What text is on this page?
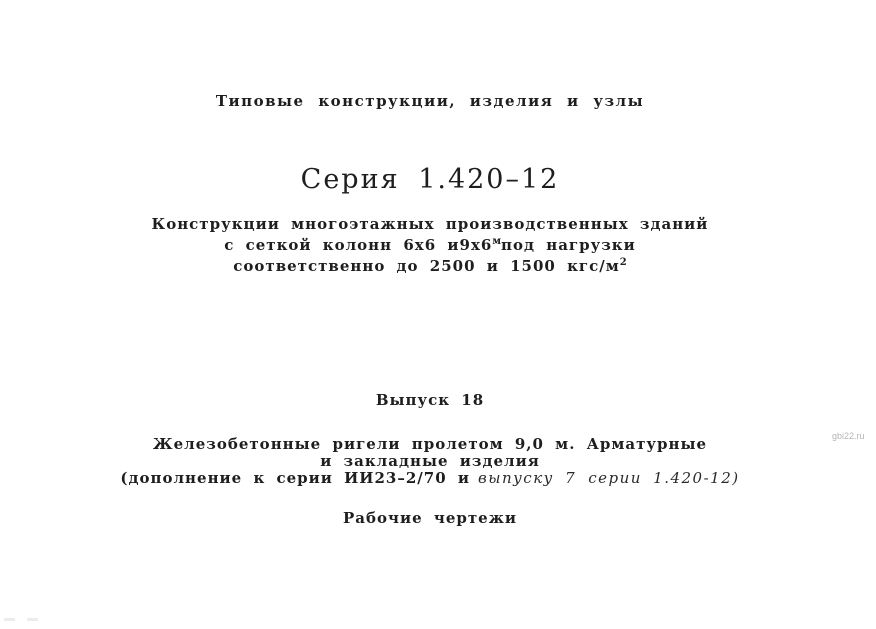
Типовые конструкции, изделия и узлы
Серия 1.420–12
Конструкции многоэтажных производственных зданий
с сеткой колонн 6х6 $и9х6^мпод$ нагрузки
соответственно до 2500 и 1500 кгс/$м^2$
Выпуск 18
Железобетонные ригели пролетом 9,0 м. Арматурные
и закладные изделия
(дополнение к серии ИИ23–2/70 и выпуску 7 серии 1.420-12)
Рабочие чертежи
gbi22.ru
